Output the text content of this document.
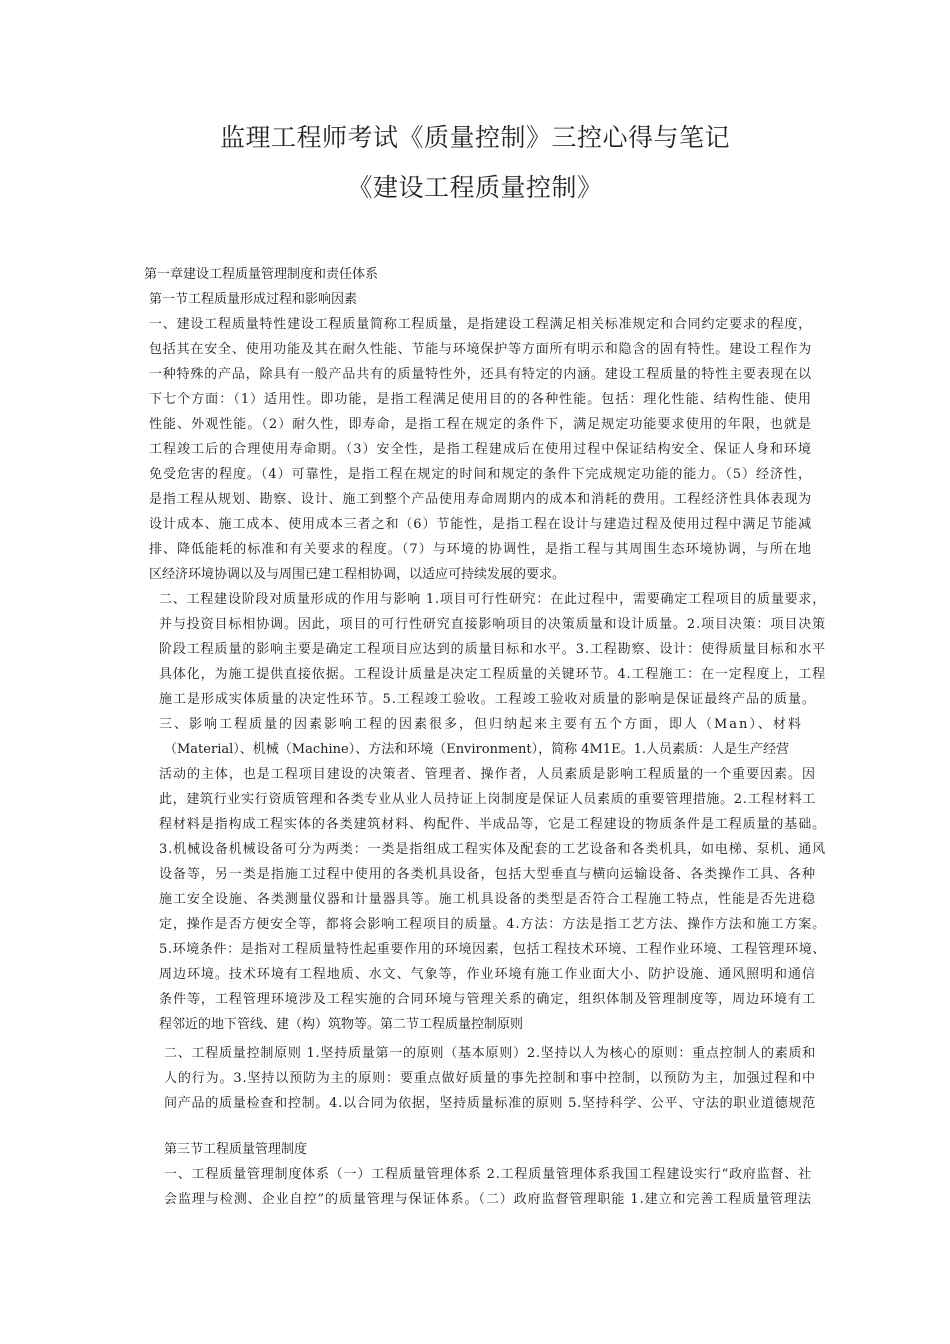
监理工程师考试《质量控制》三控心得与笔记
《建设工程质量控制》
第一章建设工程质量管理制度和责任体系
第一节工程质量形成过程和影响因素
一、建设工程质量特性建设工程质量简称工程质量，是指建设工程满足相关标准规定和合同约定要求的程度，
包括其在安全、使用功能及其在耐久性能、节能与环境保护等方面所有明示和隐含的固有特性。建设工程作为
一种特殊的产品，除具有一般产品共有的质量特性外，还具有特定的内涵。建设工程质量的特性主要表现在以
下七个方面：（1）适用性。即功能，是指工程满足使用目的的各种性能。包括：理化性能、结构性能、使用
性能、外观性能。（2）耐久性，即寿命，是指工程在规定的条件下，满足规定功能要求使用的年限，也就是
工程竣工后的合理使用寿命期。（3）安全性，是指工程建成后在使用过程中保证结构安全、保证人身和环境
免受危害的程度。（4）可靠性，是指工程在规定的时间和规定的条件下完成规定功能的能力。（5）经济性，
是指工程从规划、勘察、设计、施工到整个产品使用寿命周期内的成本和消耗的费用。工程经济性具体表现为
设计成本、施工成本、使用成本三者之和（6）节能性，是指工程在设计与建造过程及使用过程中满足节能减
排、降低能耗的标准和有关要求的程度。（7）与环境的协调性，是指工程与其周围生态环境协调，与所在地
区经济环境协调以及与周围已建工程相协调，以适应可持续发展的要求。
二、工程建设阶段对质量形成的作用与影响 1.项目可行性研究：在此过程中，需要确定工程项目的质量要求，
并与投资目标相协调。因此，项目的可行性研究直接影响项目的决策质量和设计质量。2.项目决策：项目决策
阶段工程质量的影响主要是确定工程项目应达到的质量目标和水平。3.工程勘察、设计：使得质量目标和水平
具体化，为施工提供直接依据。工程设计质量是决定工程质量的关键环节。4.工程施工：在一定程度上，工程
施工是形成实体质量的决定性环节。5.工程竣工验收。工程竣工验收对质量的影响是保证最终产品的质量。
三、影响工程质量的因素影响工程的因素很多，但归纳起来主要有五个方面，即人（Man）、材料
（Material）、机械（Machine）、方法和环境（Environment），简称 4M1E。1.人员素质：人是生产经营
活动的主体，也是工程项目建设的决策者、管理者、操作者，人员素质是影响工程质量的一个重要因素。因
此，建筑行业实行资质管理和各类专业从业人员持证上岗制度是保证人员素质的重要管理措施。2.工程材料工
程材料是指构成工程实体的各类建筑材料、构配件、半成品等，它是工程建设的物质条件是工程质量的基础。
3.机械设备机械设备可分为两类：一类是指组成工程实体及配套的工艺设备和各类机具，如电梯、泵机、通风
设备等，另一类是指施工过程中使用的各类机具设备，包括大型垂直与横向运输设备、各类操作工具、各种
施工安全设施、各类测量仪器和计量器具等。施工机具设备的类型是否符合工程施工特点，性能是否先进稳
定，操作是否方便安全等，都将会影响工程项目的质量。4.方法：方法是指工艺方法、操作方法和施工方案。
5.环境条件：是指对工程质量特性起重要作用的环境因素，包括工程技术环境、工程作业环境、工程管理环境、
周边环境。技术环境有工程地质、水文、气象等，作业环境有施工作业面大小、防护设施、通风照明和通信
条件等，工程管理环境涉及工程实施的合同环境与管理关系的确定，组织体制及管理制度等，周边环境有工
程邻近的地下管线、建（构）筑物等。第二节工程质量控制原则
二、工程质量控制原则 1.坚持质量第一的原则（基本原则）2.坚持以人为核心的原则：重点控制人的素质和
人的行为。3.坚持以预防为主的原则：要重点做好质量的事先控制和事中控制，以预防为主，加强过程和中
间产品的质量检查和控制。4.以合同为依据，坚持质量标准的原则 5.坚持科学、公平、守法的职业道德规范
第三节工程质量管理制度
一、工程质量管理制度体系（一）工程质量管理体系 2.工程质量管理体系我国工程建设实行“政府监督、社
会监理与检测、企业自控”的质量管理与保证体系。（二）政府监督管理职能 1.建立和完善工程质量管理法
